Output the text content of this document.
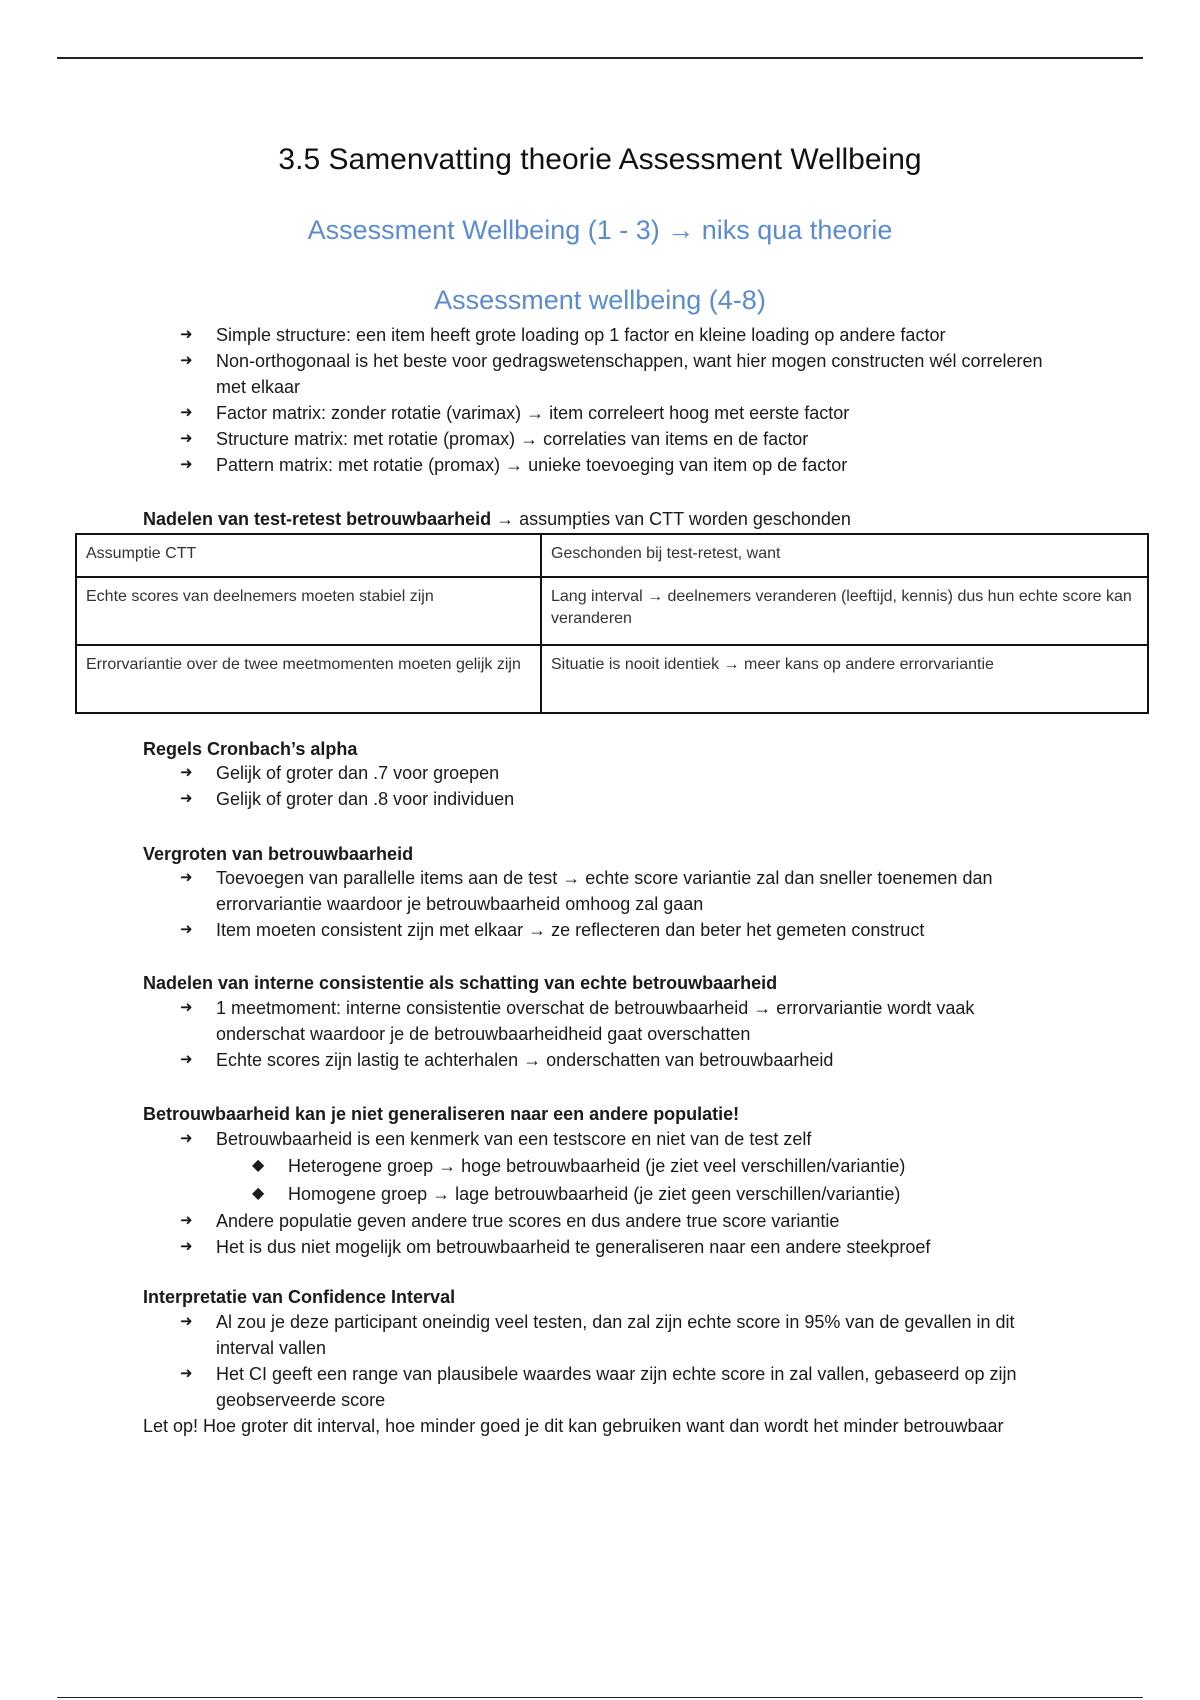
3.5 Samenvatting theorie Assessment Wellbeing
Assessment Wellbeing (1 - 3) → niks qua theorie
Assessment wellbeing (4-8)
➜ Simple structure: een item heeft grote loading op 1 factor en kleine loading op andere factor
➜ Non-orthogonaal is het beste voor gedragswetenschappen, want hier mogen constructen wél correleren met elkaar
➜ Factor matrix: zonder rotatie (varimax) → item correleert hoog met eerste factor
➜ Structure matrix: met rotatie (promax) → correlaties van items en de factor
➜ Pattern matrix: met rotatie (promax) → unieke toevoeging van item op de factor
Nadelen van test-retest betrouwbaarheid → assumpties van CTT worden geschonden
Assumptie CTT	Geschonden bij test-retest, want
Echte scores van deelnemers moeten stabiel zijn	Lang interval → deelnemers veranderen (leeftijd, kennis) dus hun echte score kan veranderen
Errorvariantie over de twee meetmomenten moeten gelijk zijn	Situatie is nooit identiek → meer kans op andere errorvariantie
Regels Cronbach’s alpha
➜ Gelijk of groter dan .7 voor groepen
➜ Gelijk of groter dan .8 voor individuen
Vergroten van betrouwbaarheid
➜ Toevoegen van parallelle items aan de test → echte score variantie zal dan sneller toenemen dan errorvariantie waardoor je betrouwbaarheid omhoog zal gaan
➜ Item moeten consistent zijn met elkaar → ze reflecteren dan beter het gemeten construct
Nadelen van interne consistentie als schatting van echte betrouwbaarheid
➜ 1 meetmoment: interne consistentie overschat de betrouwbaarheid → errorvariantie wordt vaak onderschat waardoor je de betrouwbaarheidheid gaat overschatten
➜ Echte scores zijn lastig te achterhalen → onderschatten van betrouwbaarheid
Betrouwbaarheid kan je niet generaliseren naar een andere populatie!
➜ Betrouwbaarheid is een kenmerk van een testscore en niet van de test zelf
◆ Heterogene groep → hoge betrouwbaarheid (je ziet veel verschillen/variantie)
◆ Homogene groep → lage betrouwbaarheid (je ziet geen verschillen/variantie)
➜ Andere populatie geven andere true scores en dus andere true score variantie
➜ Het is dus niet mogelijk om betrouwbaarheid te generaliseren naar een andere steekproef
Interpretatie van Confidence Interval
➜ Al zou je deze participant oneindig veel testen, dan zal zijn echte score in 95% van de gevallen in dit interval vallen
➜ Het CI geeft een range van plausibele waardes waar zijn echte score in zal vallen, gebaseerd op zijn geobserveerde score
Let op! Hoe groter dit interval, hoe minder goed je dit kan gebruiken want dan wordt het minder betrouwbaar
